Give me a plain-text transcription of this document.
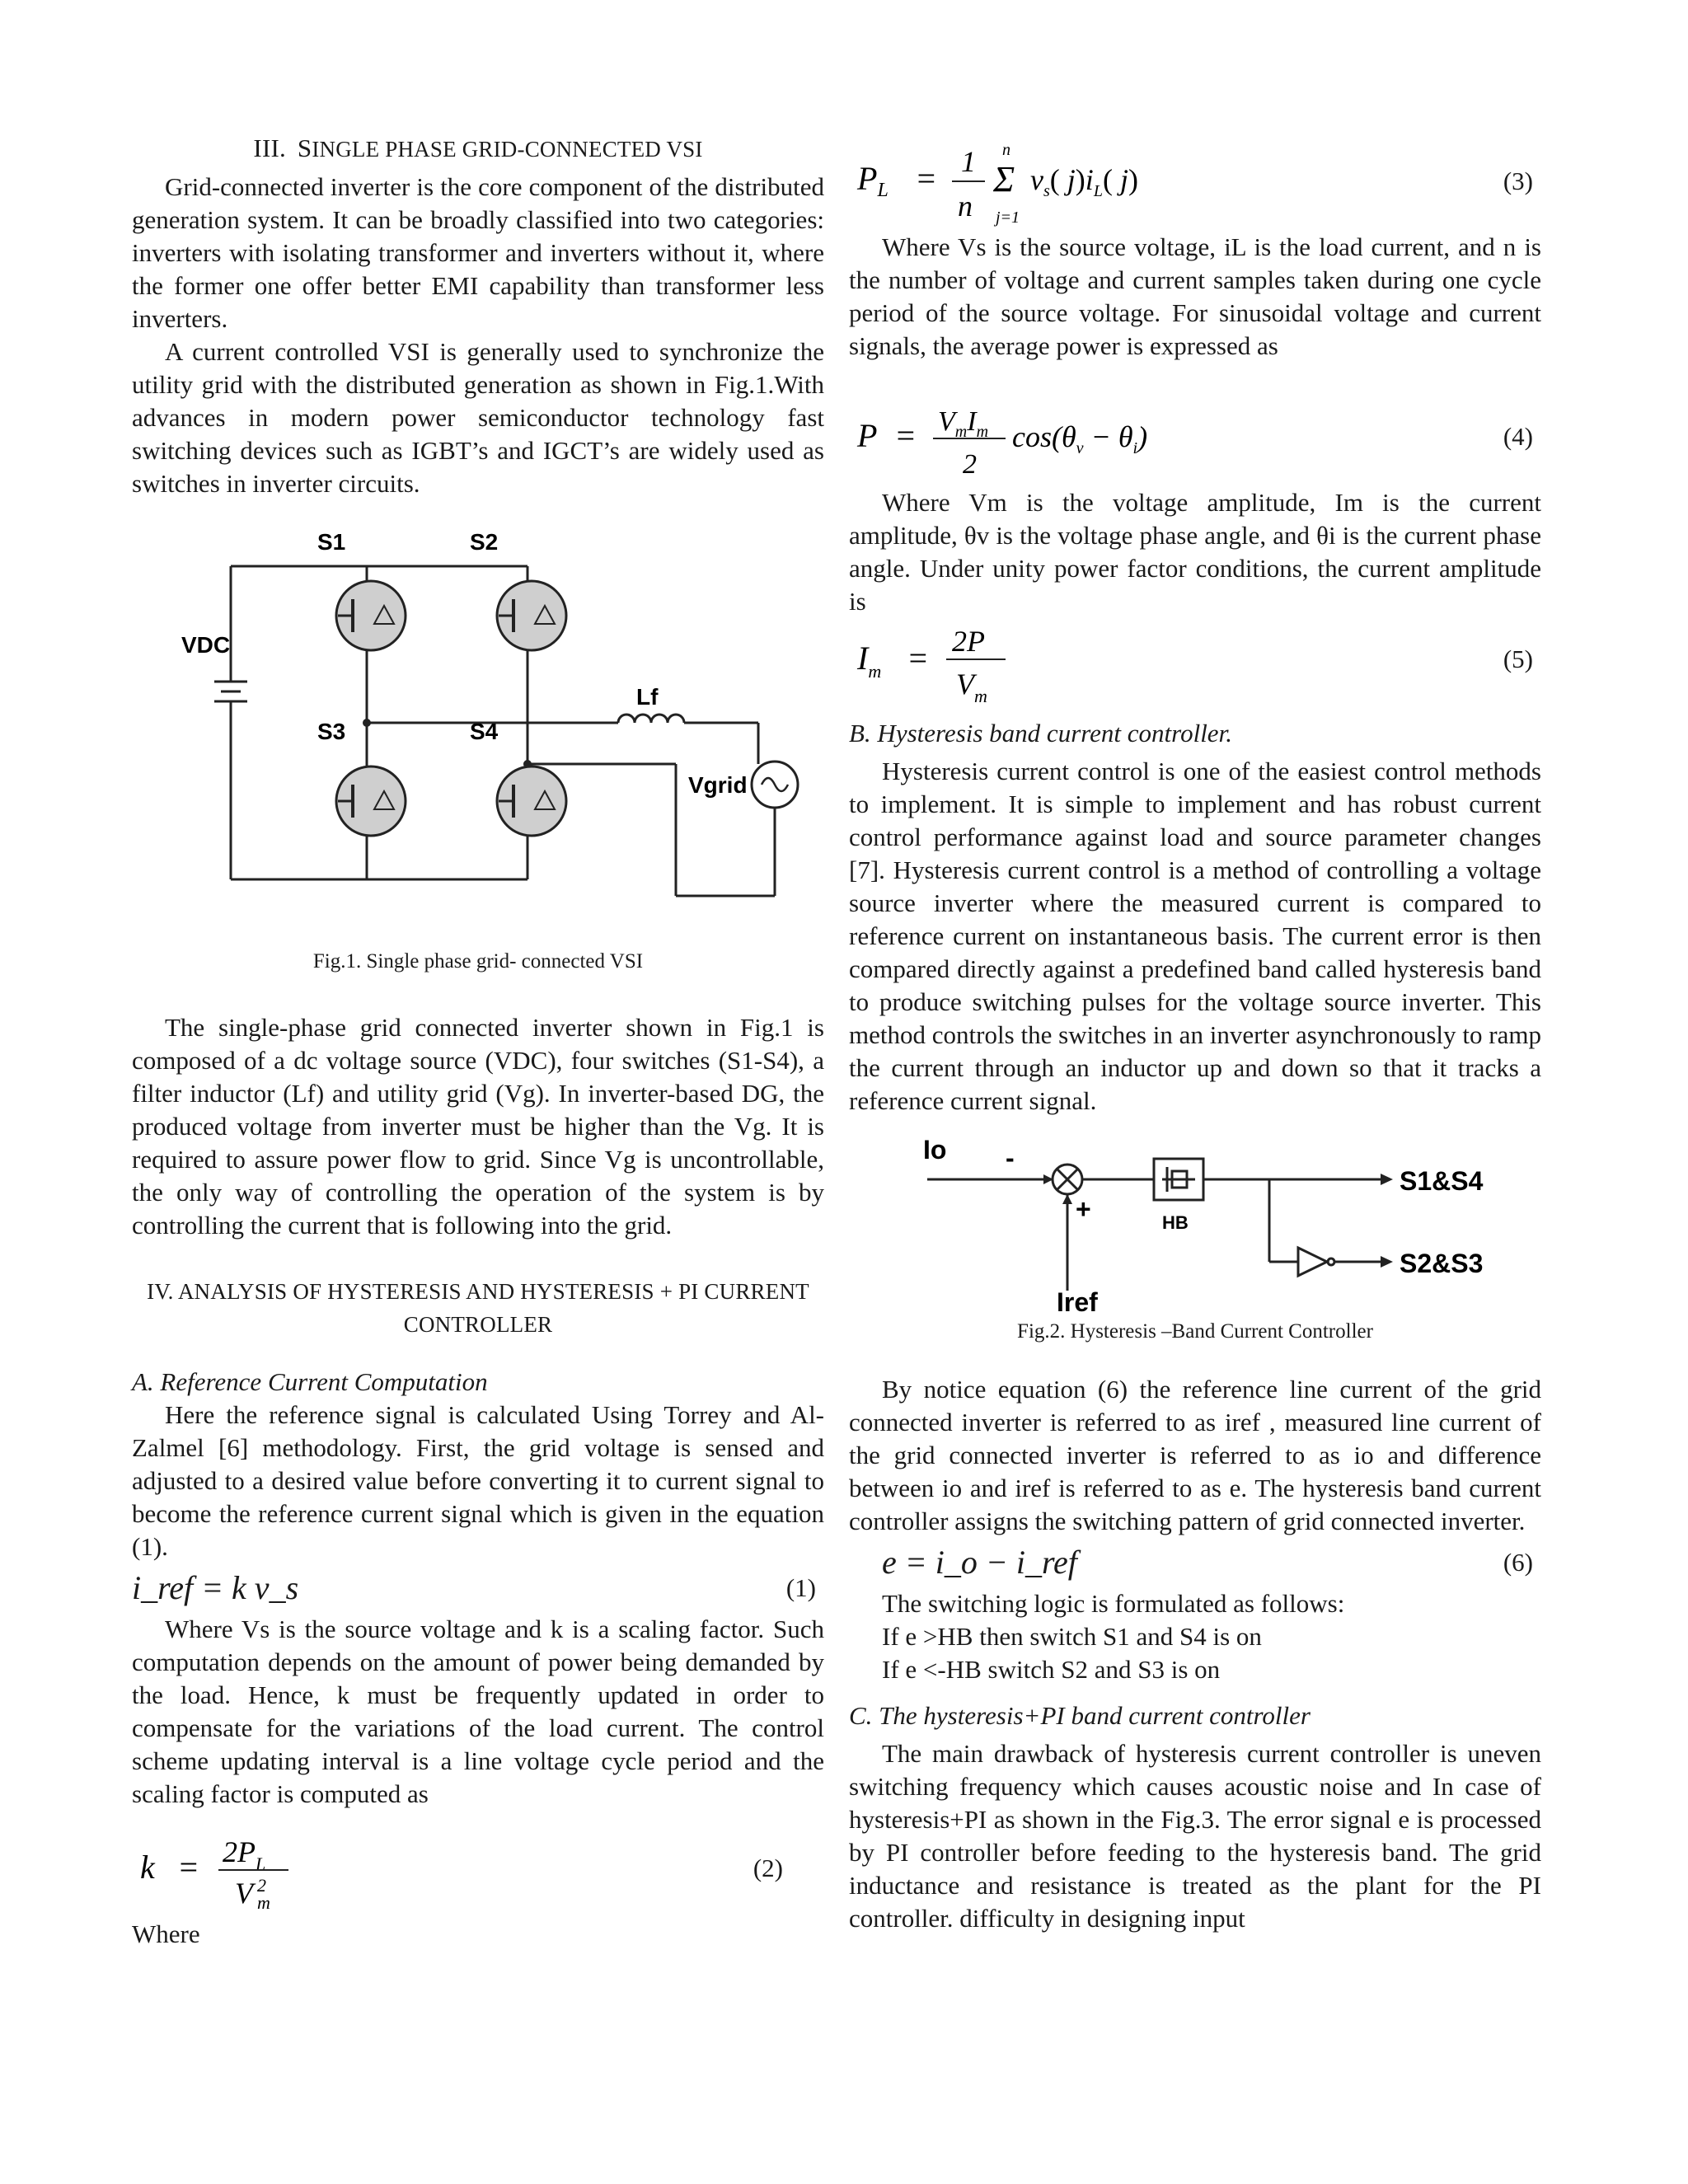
III. SINGLE PHASE GRID-CONNECTED VSI

Grid-connected inverter is the core component of the distributed generation system. It can be broadly classified into two categories: inverters with isolating transformer and inverters without it, where the former one offer better EMI capability than transformer less inverters.

A current controlled VSI is generally used to synchronize the utility grid with the distributed generation as shown in Fig.1.With advances in modern power semiconductor technology fast switching devices such as IGBT’s and IGCT’s are widely used as switches in inverter circuits.

VDC
S1	S2
S3	S4
Lf
Vgrid
Fig.1. Single phase grid- connected VSI

The single-phase grid connected inverter shown in Fig.1 is composed of a dc voltage source (VDC), four switches (S1-S4), a filter inductor (Lf) and utility grid (Vg). In inverter-based DG, the produced voltage from inverter must be higher than the Vg. It is required to assure power flow to grid. Since Vg is uncontrollable, the only way of controlling the operation of the system is by controlling the current that is following into the grid.

IV. ANALYSIS OF HYSTERESIS AND HYSTERESIS + PI CURRENT
CONTROLLER
A. Reference Current Computation

Here the reference signal is calculated Using Torrey and Al-Zalmel [6] methodology. First, the grid voltage is sensed and adjusted to a desired value before converting it to current signal to become the reference current signal which is given in the equation (1).

i_ref = k v_s	(1)

Where Vs is the source voltage and k is a scaling factor. Such computation depends on the amount of power being demanded by the load. Hence, k must be frequently updated in order to compensate for the variations of the load current. The control scheme updating interval is a line voltage cycle period and the scaling factor is computed as

$k = 2P_L$
V 2
m
(2)

Where

$P_L = 1$
n
Σ
n
j=1
$v_s$( $j)i_L$( j)	(3)

Where Vs is the source voltage, iL is the load current, and n is the number of voltage and current samples taken during one cycle period of the source voltage. For sinusoidal voltage and current signals, the average power is expressed as

$P = V_mI_m$
2
$\cos(\theta_v - \theta_i)$	(4)

Where Vm is the voltage amplitude, Im is the current amplitude, θv is the voltage phase angle, and θi is the current phase angle. Under unity power factor conditions, the current amplitude is

$I_m = 2P$
$V_m$
(5)
B. Hysteresis band current controller.

Hysteresis current control is one of the easiest control methods to implement. It is simple to implement and has robust current control performance against load and source parameter changes [7]. Hysteresis current control is a method of controlling a voltage source inverter where the measured current is compared to reference current on instantaneous basis. The current error is then compared directly against a predefined band called hysteresis band to produce switching pulses for the voltage source inverter. This method controls the switches in an inverter asynchronously to ramp the current through an inductor up and down so that it tracks a reference current signal.

Io -
+	HB
Iref
S1&S4
S2&S3
Fig.2. Hysteresis –Band Current Controller

By notice equation (6) the reference line current of the grid connected inverter is referred to as iref , measured line current of the grid connected inverter is referred to as io and difference between io and iref is referred to as e. The hysteresis band current controller assigns the switching pattern of grid connected inverter.

e = i_o − i_ref	(6)
The switching logic is formulated as follows:
If e >HB then switch S1 and S4 is on
If e <-HB switch S2 and S3 is on
C. The hysteresis+PI band current controller

The main drawback of hysteresis current controller is uneven switching frequency which causes acoustic noise and In case of hysteresis+PI as shown in the Fig.3. The error signal e is processed by PI controller before feeding to the hysteresis band. The grid inductance and resistance is treated as the plant for the PI controller. difficulty in designing input
